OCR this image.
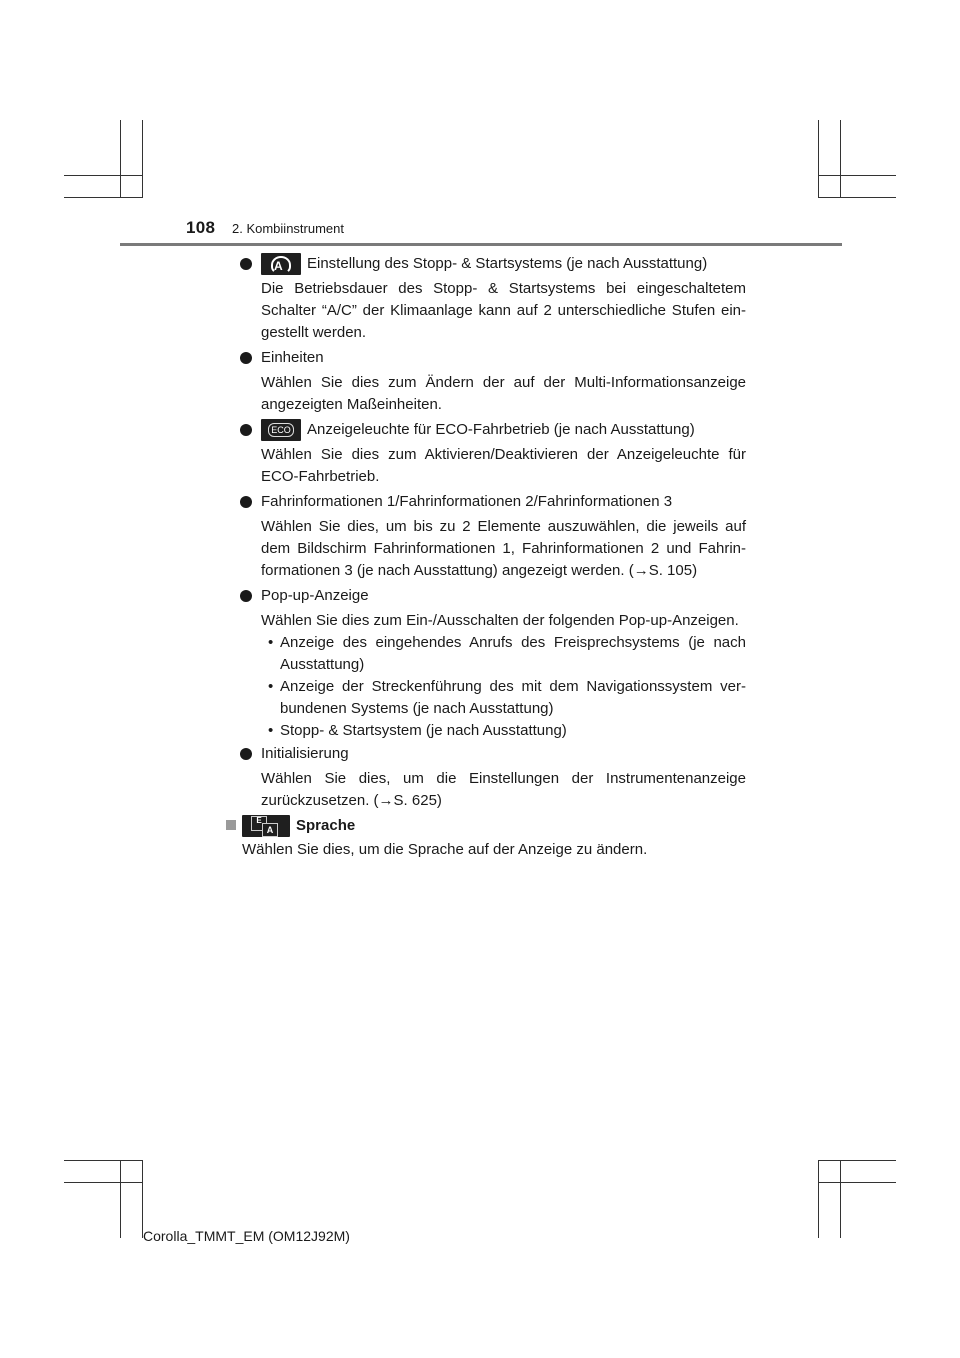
108 2. Kombiinstrument
AEinstellung des Stopp- & Startsystems (je nach Ausstattung)

Die Betriebsdauer des Stopp- & Startsystems bei eingeschaltetem Schalter “A/C” der Klimaanlage kann auf 2 unterschiedliche Stufen ein-gestellt werden.

Einheiten

Wählen Sie dies zum Ändern der auf der Multi-Informationsanzeige angezeigten Maßeinheiten.

ECO Anzeigeleuchte für ECO-Fahrbetrieb (je nach Ausstattung)

Wählen Sie dies zum Aktivieren/Deaktivieren der Anzeigeleuchte für ECO-Fahrbetrieb.

Fahrinformationen 1/Fahrinformationen 2/Fahrinformationen 3

Wählen Sie dies, um bis zu 2 Elemente auszuwählen, die jeweils auf dem Bildschirm Fahrinformationen 1, Fahrinformationen 2 und Fahrin-formationen 3 (je nach Ausstattung) angezeigt werden. (→S. 105)

Pop-up-Anzeige

Wählen Sie dies zum Ein-/Ausschalten der folgenden Pop-up-Anzeigen.

• Anzeige des eingehendes Anrufs des Freisprechsystems (je nach Ausstattung)
• Anzeige der Streckenführung des mit dem Navigationssystem ver-bundenen Systems (je nach Ausstattung)
• Stopp- & Startsystem (je nach Ausstattung)
Initialisierung

Wählen Sie dies, um die Einstellungen der Instrumentenanzeige zurückzusetzen. (→S. 625)

E
A	Sprache
Wählen Sie dies, um die Sprache auf der Anzeige zu ändern.
Corolla_TMMT_EM (OM12J92M)
